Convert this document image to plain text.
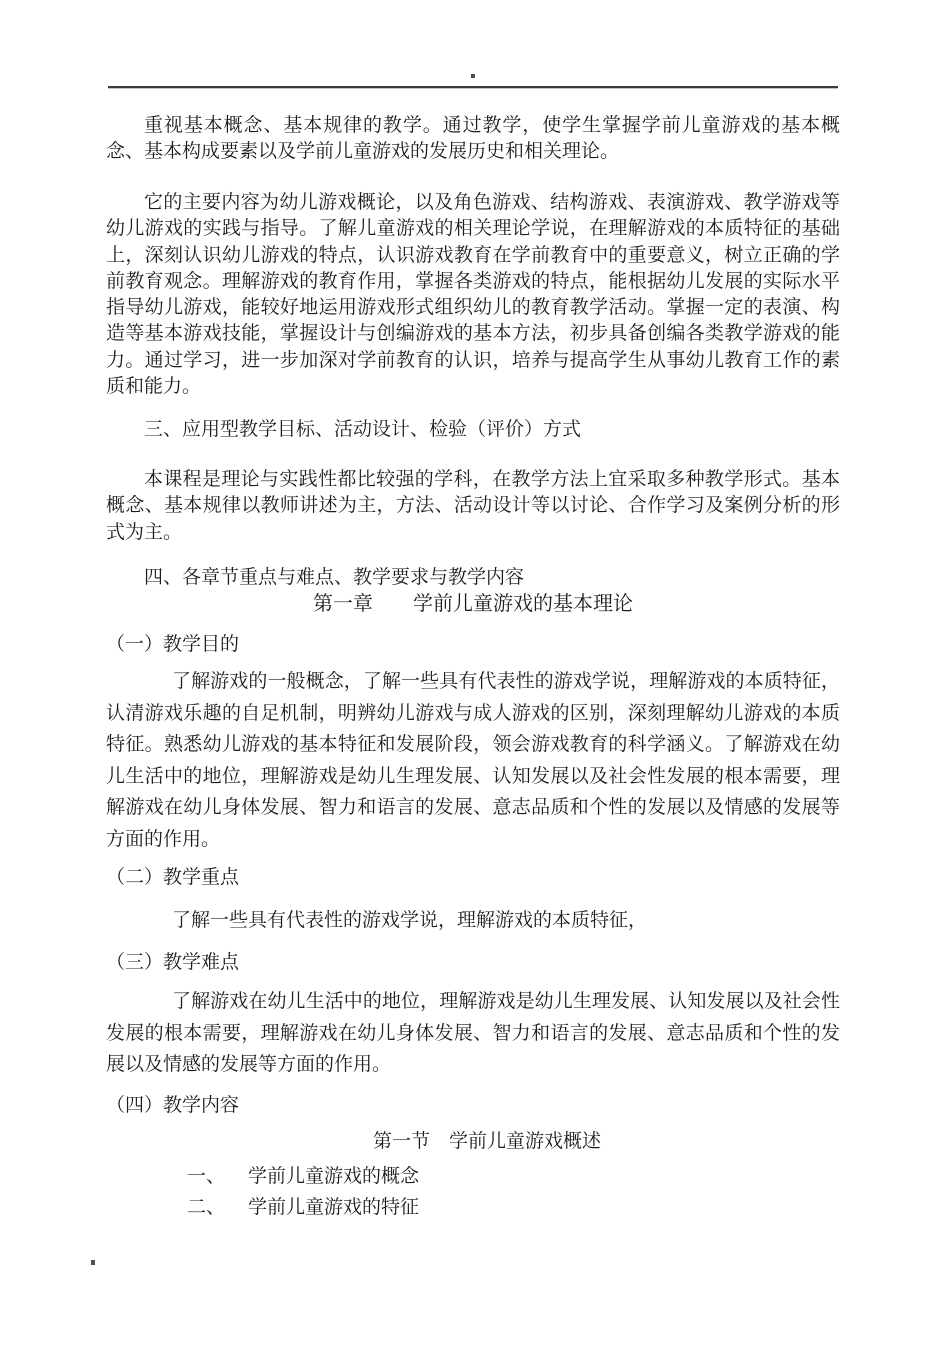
重视基本概念、基本规律的教学。通过教学，使学生掌握学前儿童游戏的基本概念、基本构成要素以及学前儿童游戏的发展历史和相关理论。

它的主要内容为幼儿游戏概论，以及角色游戏、结构游戏、表演游戏、教学游戏等幼儿游戏的实践与指导。了解儿童游戏的相关理论学说，在理解游戏的本质特征的基础上，深刻认识幼儿游戏的特点，认识游戏教育在学前教育中的重要意义，树立正确的学前教育观念。理解游戏的教育作用，掌握各类游戏的特点，能根据幼儿发展的实际水平指导幼儿游戏，能较好地运用游戏形式组织幼儿的教育教学活动。掌握一定的表演、构造等基本游戏技能，掌握设计与创编游戏的基本方法，初步具备创编各类教学游戏的能力。通过学习，进一步加深对学前教育的认识，培养与提高学生从事幼儿教育工作的素质和能力。

三、应用型教学目标、活动设计、检验（评价）方式

本课程是理论与实践性都比较强的学科，在教学方法上宜采取多种教学形式。基本概念、基本规律以教师讲述为主，方法、活动设计等以讨论、合作学习及案例分析的形式为主。

四、各章节重点与难点、教学要求与教学内容
第一章　　学前儿童游戏的基本理论
（一）教学目的

了解游戏的一般概念，了解一些具有代表性的游戏学说，理解游戏的本质特征，认清游戏乐趣的自足机制，明辨幼儿游戏与成人游戏的区别，深刻理解幼儿游戏的本质特征。熟悉幼儿游戏的基本特征和发展阶段，领会游戏教育的科学涵义。了解游戏在幼儿生活中的地位，理解游戏是幼儿生理发展、认知发展以及社会性发展的根本需要，理解游戏在幼儿身体发展、智力和语言的发展、意志品质和个性的发展以及情感的发展等方面的作用。

（二）教学重点

了解一些具有代表性的游戏学说，理解游戏的本质特征，

（三）教学难点

了解游戏在幼儿生活中的地位，理解游戏是幼儿生理发展、认知发展以及社会性发展的根本需要，理解游戏在幼儿身体发展、智力和语言的发展、意志品质和个性的发展以及情感的发展等方面的作用。

（四）教学内容
第一节　学前儿童游戏概述
一、 学前儿童游戏的概念
二、 学前儿童游戏的特征
